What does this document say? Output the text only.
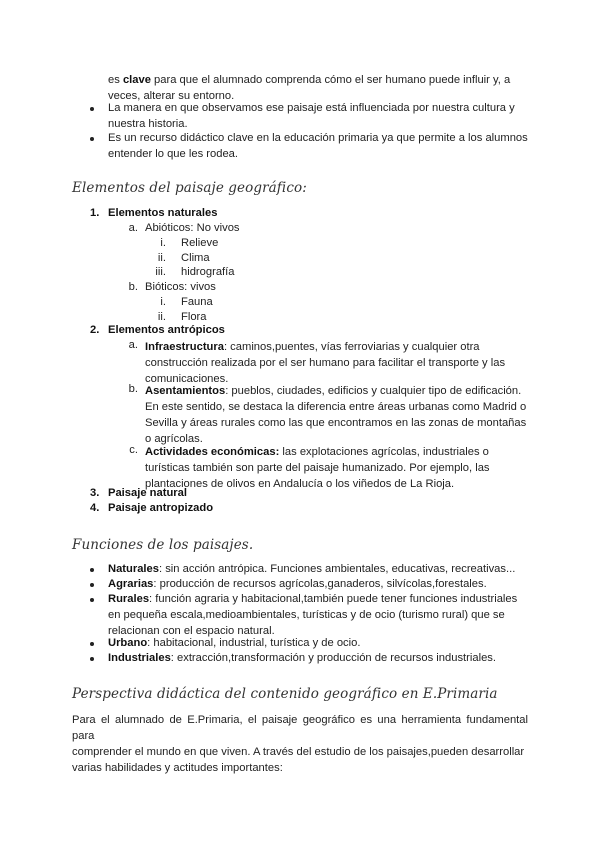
es clave para que el alumnado comprenda cómo el ser humano puede influir y, a
veces, alterar su entorno.
La manera en que observamos ese paisaje está influenciada por nuestra cultura y
nuestra historia.
Es un recurso didáctico clave en la educación primaria ya que permite a los alumnos
entender lo que les rodea.
Elementos del paisaje geográfico:
1. Elementos naturales
a. Abióticos: No vivos
i. Relieve
ii. Clima
iii. hidrografía
b. Bióticos: vivos
i. Fauna
ii. Flora
2. Elementos antrópicos
a. Infraestructura: caminos,puentes, vías ferroviarias y cualquier otra
construcción realizada por el ser humano para facilitar el transporte y las
comunicaciones.
b. Asentamientos: pueblos, ciudades, edificios y cualquier tipo de edificación.
En este sentido, se destaca la diferencia entre áreas urbanas como Madrid o
Sevilla y áreas rurales como las que encontramos en las zonas de montañas
o agrícolas.
c. Actividades económicas: las explotaciones agrícolas, industriales o
turísticas también son parte del paisaje humanizado. Por ejemplo, las
plantaciones de olivos en Andalucía o los viñedos de La Rioja.
3. Paisaje natural
4. Paisaje antropizado
Funciones de los paisajes.
Naturales: sin acción antrópica. Funciones ambientales, educativas, recreativas...
Agrarias: producción de recursos agrícolas,ganaderos, silvícolas,forestales.
Rurales: función agraria y habitacional,también puede tener funciones industriales
en pequeña escala,medioambientales, turísticas y de ocio (turismo rural) que se
relacionan con el espacio natural.
Urbano: habitacional, industrial, turística y de ocio.
Industriales: extracción,transformación y producción de recursos industriales.
Perspectiva didáctica del contenido geográfico en E.Primaria
Para el alumnado de E.Primaria, el paisaje geográfico es una herramienta fundamental para
comprender el mundo en que viven. A través del estudio de los paisajes,pueden desarrollar
varias habilidades y actitudes importantes:
